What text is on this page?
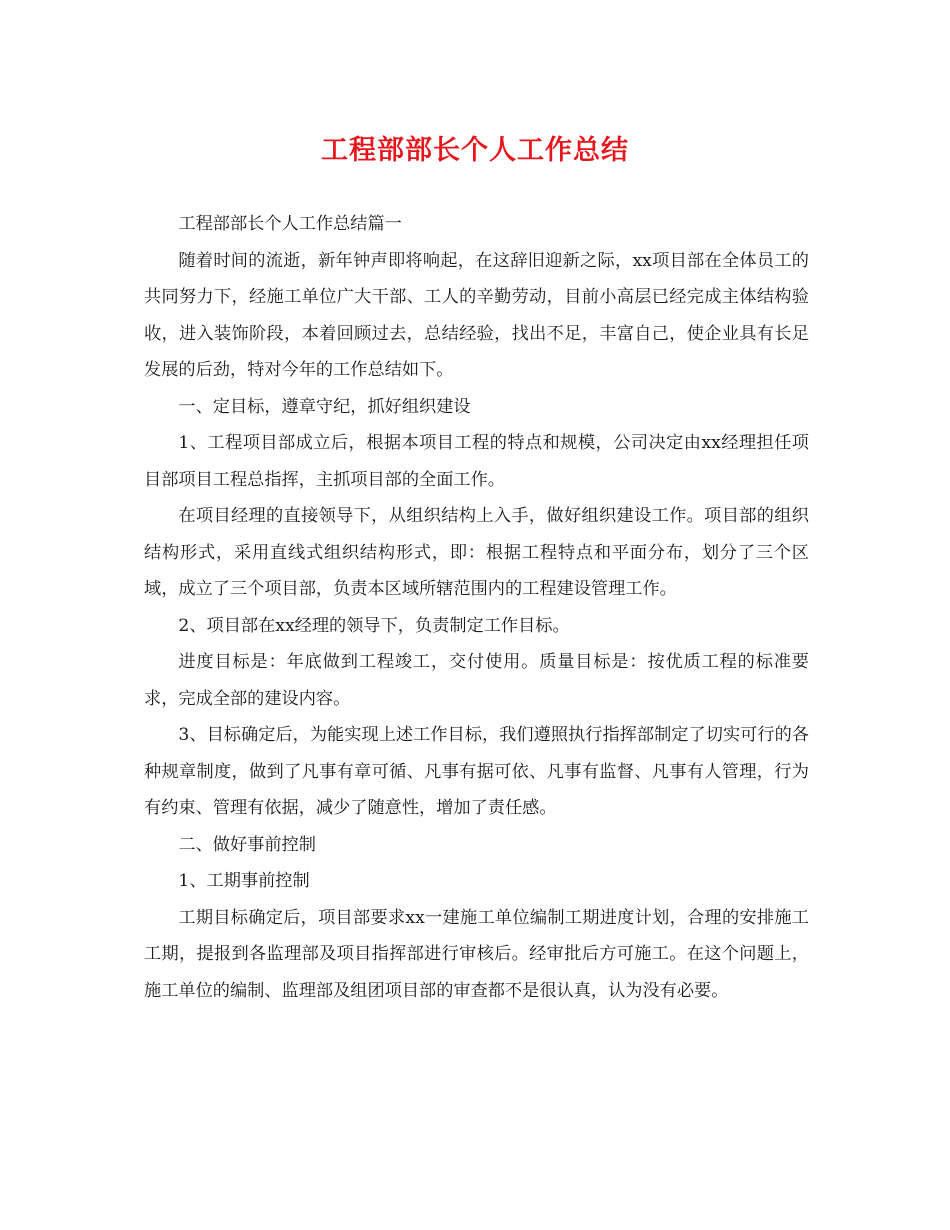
工程部部长个人工作总结

工程部部长个人工作总结篇一

随着时间的流逝，新年钟声即将响起，在这辞旧迎新之际，xx项目部在全体员工的共同努力下，经施工单位广大干部、工人的辛勤劳动，目前小高层已经完成主体结构验收，进入装饰阶段，本着回顾过去，总结经验，找出不足，丰富自己，使企业具有长足发展的后劲，特对今年的工作总结如下。

一、定目标，遵章守纪，抓好组织建设

1、工程项目部成立后，根据本项目工程的特点和规模，公司决定由xx经理担任项目部项目工程总指挥，主抓项目部的全面工作。

在项目经理的直接领导下，从组织结构上入手，做好组织建设工作。项目部的组织结构形式，采用直线式组织结构形式，即：根据工程特点和平面分布，划分了三个区域，成立了三个项目部，负责本区域所辖范围内的工程建设管理工作。

2、项目部在xx经理的领导下，负责制定工作目标。

进度目标是：年底做到工程竣工，交付使用。质量目标是：按优质工程的标准要求，完成全部的建设内容。

3、目标确定后，为能实现上述工作目标，我们遵照执行指挥部制定了切实可行的各种规章制度，做到了凡事有章可循、凡事有据可依、凡事有监督、凡事有人管理，行为有约束、管理有依据，减少了随意性，增加了责任感。

二、做好事前控制

1、工期事前控制

工期目标确定后，项目部要求xx一建施工单位编制工期进度计划，合理的安排施工工期，提报到各监理部及项目指挥部进行审核后。经审批后方可施工。在这个问题上，施工单位的编制、监理部及组团项目部的审查都不是很认真，认为没有必要。
